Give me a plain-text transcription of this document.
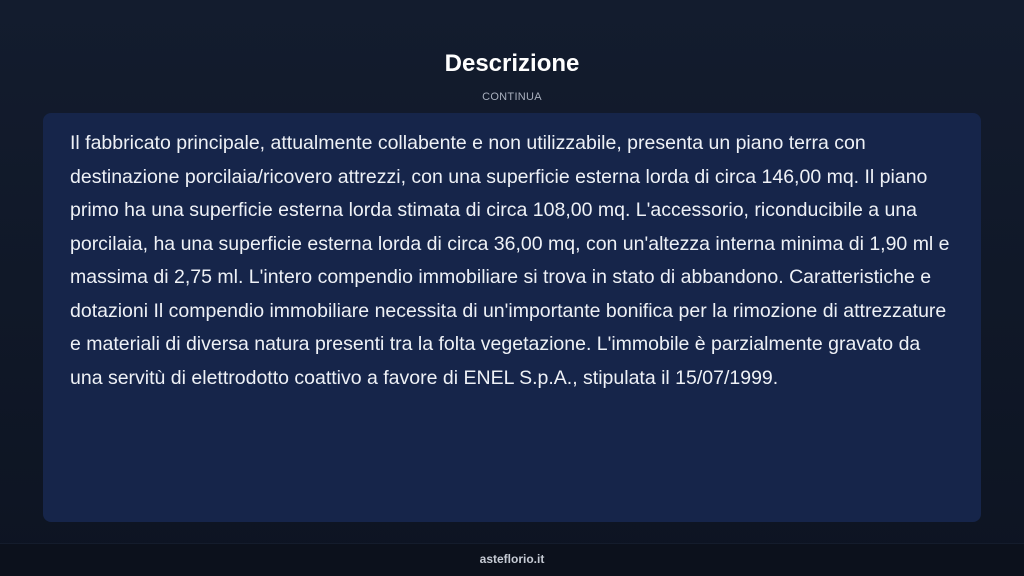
Descrizione
CONTINUA

Il fabbricato principale, attualmente collabente e non utilizzabile, presenta un piano terra con destinazione porcilaia/ricovero attrezzi, con una superficie esterna lorda di circa 146,00 mq. Il piano primo ha una superficie esterna lorda stimata di circa 108,00 mq. L'accessorio, riconducibile a una porcilaia, ha una superficie esterna lorda di circa 36,00 mq, con un'altezza interna minima di 1,90 ml e massima di 2,75 ml. L'intero compendio immobiliare si trova in stato di abbandono. Caratteristiche e dotazioni Il compendio immobiliare necessita di un'importante bonifica per la rimozione di attrezzature e materiali di diversa natura presenti tra la folta vegetazione. L'immobile è parzialmente gravato da una servitù di elettrodotto coattivo a favore di ENEL S.p.A., stipulata il 15/07/1999.

asteflorio.it
